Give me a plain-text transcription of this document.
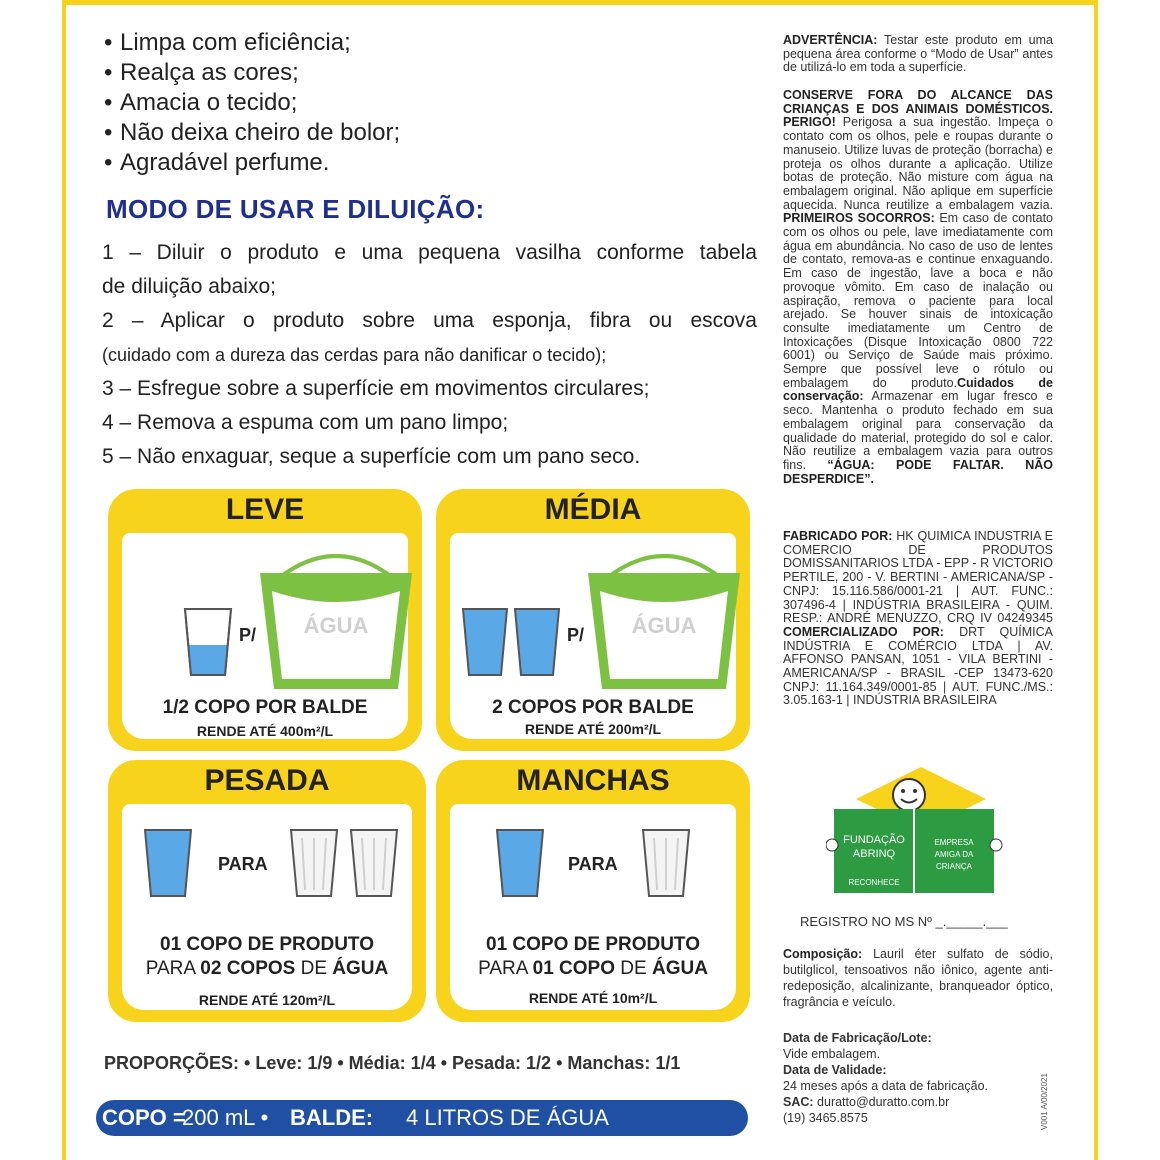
• Limpa com eficiência;
• Realça as cores;
• Amacia o tecido;
• Não deixa cheiro de bolor;
• Agradável perfume.
MODO DE USAR E DILUIÇÃO:

1 – Diluir o produto e uma pequena vasilha conforme tabela

de diluição abaixo;

2 – Aplicar o produto sobre uma esponja, fibra ou escova

(cuidado com a dureza das cerdas para não danificar o tecido);

3 – Esfregue sobre a superfície em movimentos circulares;

4 – Remova a espuma com um pano limpo;

5 – Não enxaguar, seque a superfície com um pano seco.

LEVE
P/ ÁGUA
1/2 COPO POR BALDE
RENDE ATÉ 400m²/L
MÉDIA
P/ ÁGUA
2 COPOS POR BALDE
RENDE ATÉ 200m²/L
PESADA
PARA
01 COPO DE PRODUTO
PARA 02 COPOS DE ÁGUA
RENDE ATÉ 120m²/L
MANCHAS
PARA
01 COPO DE PRODUTO
PARA 01 COPO DE ÁGUA
RENDE ATÉ 10m²/L
PROPORÇÕES: • Leve: 1/9 • Média: 1/4 • Pesada: 1/2 • Manchas: 1/1
COPO =
200 mL • BALDE: 4 LITROS DE ÁGUA
ADVERTÊNCIA: Testar este produto em uma pequena área conforme o “Modo de Usar” antes de utilizá-lo em toda a superfície.
CONSERVE FORA DO ALCANCE DAS CRIANÇAS E DOS ANIMAIS DOMÉSTICOS. PERIGO! Perigosa a sua ingestão. Impeça o contato com os olhos, pele e roupas durante o manuseio. Utilize luvas de proteção (borracha) e proteja os olhos durante a aplicação. Utilize botas de proteção. Não misture com água na embalagem original. Não aplique em superfície aquecida. Nunca reutilize a embalagem vazia. PRIMEIROS SOCORROS: Em caso de contato com os olhos ou pele, lave imediatamente com água em abundância. No caso de uso de lentes de contato, remova-as e continue enxaguando. Em caso de ingestão, lave a boca e não provoque vômito. Em caso de inalação ou aspiração, remova o paciente para local arejado. Se houver sinais de intoxicação consulte imediatamente um Centro de Intoxicações (Disque Intoxicação 0800 722 6001) ou Serviço de Saúde mais próximo. Sempre que possível leve o rótulo ou embalagem do produto.Cuidados de conservação: Armazenar em lugar fresco e seco. Mantenha o produto fechado em sua embalagem original para conservação da qualidade do material, protegido do sol e calor. Não reutilize a embalagem vazia para outros fins. “ÁGUA: PODE FALTAR. NÃO DESPERDICE”.
FABRICADO POR: HK QUIMICA INDUSTRIA E COMERCIO DE PRODUTOS DOMISSANITARIOS LTDA - EPP - R VICTORIO PERTILE, 200 - V. BERTINI - AMERICANA/SP - CNPJ: 15.116.586/0001-21 | AUT. FUNC.: 307496-4 | INDÚSTRIA BRASILEIRA - QUIM. RESP.: ANDRÉ MENUZZO, CRQ IV 04249345 COMERCIALIZADO POR: DRT QUÍMICA INDÚSTRIA E COMÉRCIO LTDA | AV. AFFONSO PANSAN, 1051 - VILA BERTINI - AMERICANA/SP - BRASIL -CEP 13473-620 CNPJ: 11.164.349/0001-85 | AUT. FUNC./MS.: 3.05.163-1 | INDÚSTRIA BRASILEIRA
FUNDAÇÃO
ABRINQ
RECONHECE
EMPRESA
AMIGA DA
CRIANÇA
REGISTRO NO MS Nº _._____.___
Composição: Lauril éter sulfato de sódio, butilglicol, tensoativos não iônico, agente anti-redeposição, alcalinizante, branqueador óptico, fragrância e veículo.
Data de Fabricação/Lote:
Vide embalagem.
Data de Validade:
24 meses após a data de fabricação.
SAC: duratto@duratto.com.br
(19) 3465.8575	V001 A/00/2021
